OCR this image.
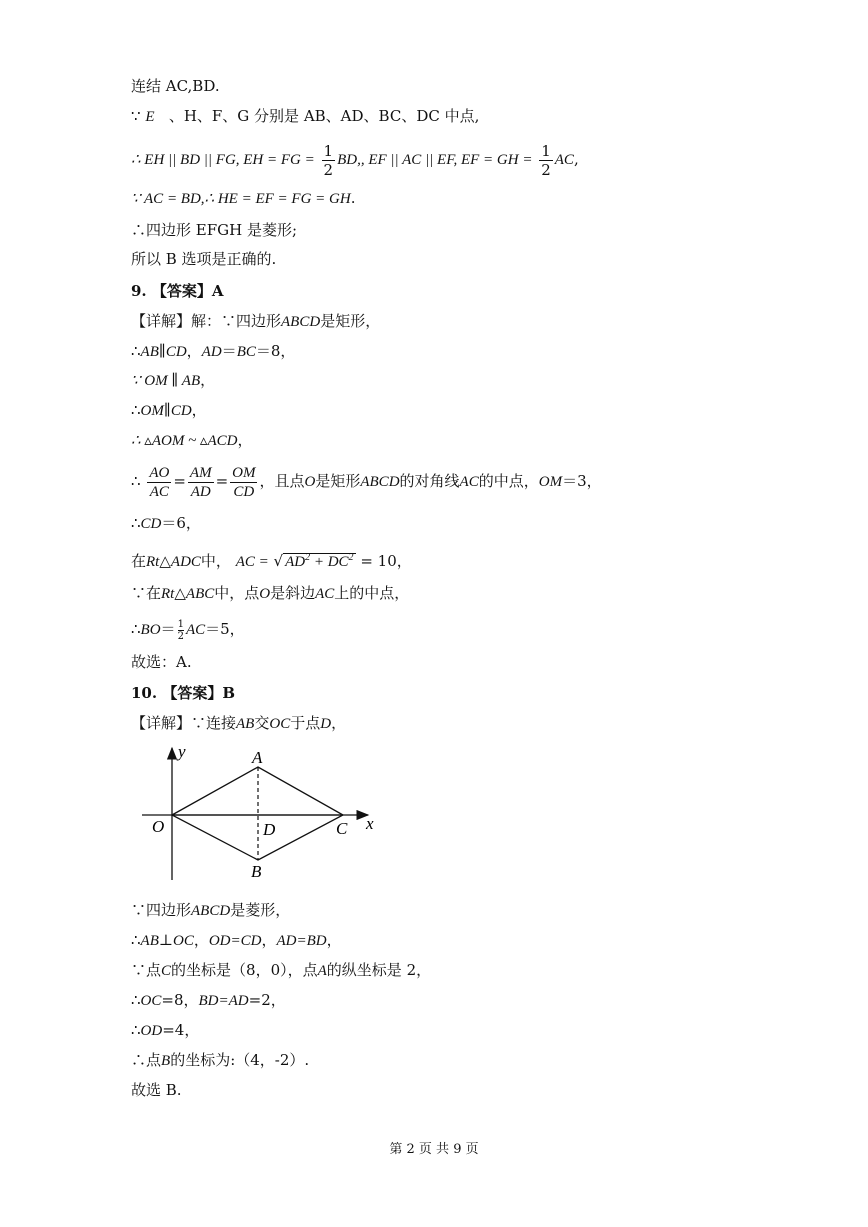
连结 AC,BD.
∵ E 、H、F、G 分别是 AB、AD、BC、DC 中点,
∴ EH || BD || FG, EH = FG = $\frac{1}{2}$ BD,, EF || AC || EF, EF = GH = $\frac{1}{2}$ AC,
∵ AC = BD,∴ HE = EF = FG = GH.
∴四边形 EFGH 是菱形;
所以 B 选项是正确的.
9. 【答案】A
【详解】解：∵四边形ABCD是矩形，
∴AB∥CD，AD＝BC＝8，
∵ OM ∥ AB，
∴OM∥CD，
∴ ▵AOM ~ ▵ACD，
∴ $\frac{AO}{AC} = \frac{AM}{AD} = \frac{OM}{CD}$ ，且点O是矩形ABCD的对角线AC的中点，OM＝3，
∴CD＝6，
在Rt△ADC中， AC = √ $AD^2 + DC^2 = 10$，
∵在Rt△ABC中，点O是斜边AC上的中点，
∴BO＝ $\frac{1}{2} AC=5$，
故选：A.
10. 【答案】B
【详解】∵连接AB交OC于点D，
y	A
O	D	C x
B
∵四边形ABCD是菱形，
∴AB⊥OC，OD=CD，AD=BD，
∵点C的坐标是（8，0），点A的纵坐标是 2，
∴OC=8，BD=AD=2，
∴OD=4，
∴点B的坐标为:（4，-2）.
故选 B.
第 2 页 共 9 页
